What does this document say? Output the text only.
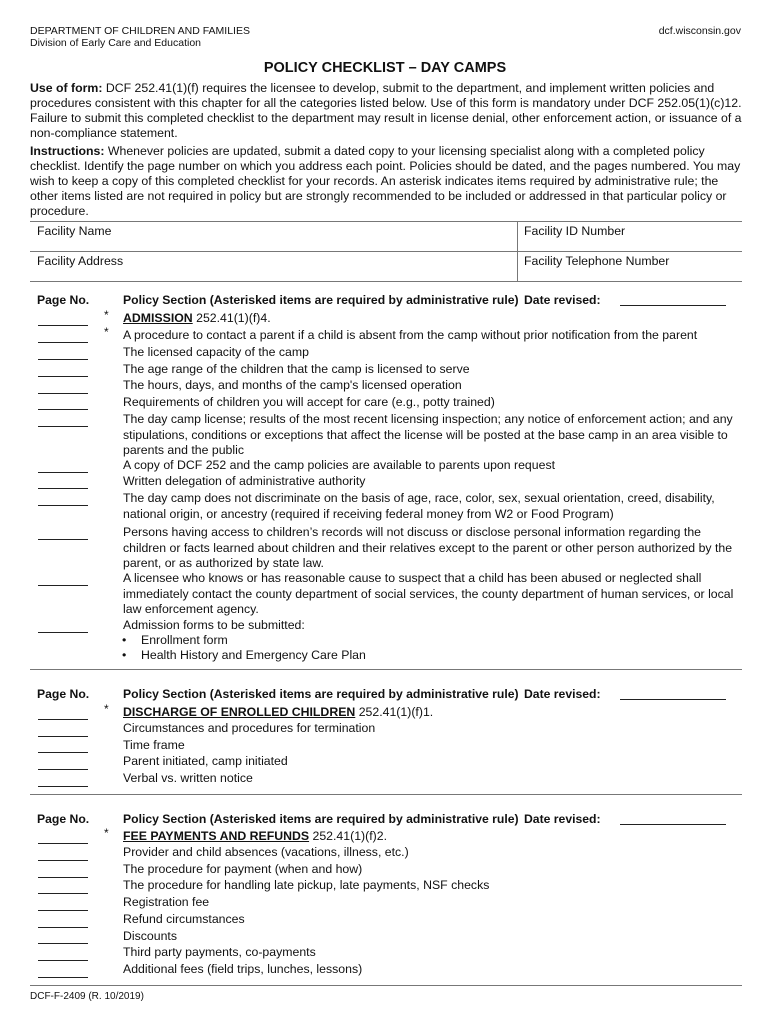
DEPARTMENT OF CHILDREN AND FAMILIES
Division of Early Care and Education
dcf.wisconsin.gov
POLICY CHECKLIST – DAY CAMPS
Use of form: DCF 252.41(1)(f) requires the licensee to develop, submit to the department, and implement written policies and procedures consistent with this chapter for all the categories listed below. Use of this form is mandatory under DCF 252.05(1)(c)12. Failure to submit this completed checklist to the department may result in license denial, other enforcement action, or issuance of a non-compliance statement.
Instructions: Whenever policies are updated, submit a dated copy to your licensing specialist along with a completed policy checklist. Identify the page number on which you address each point. Policies should be dated, and the pages numbered. You may wish to keep a copy of this completed checklist for your records. An asterisk indicates items required by administrative rule; the other items listed are not required in policy but are strongly recommended to be included or addressed in that particular policy or procedure.
Facility Name	Facility ID Number
Facility Address	Facility Telephone Number
Page No.	Policy Section (Asterisked items are required by administrative rule) Date revised:
* ADMISSION 252.41(1)(f)4.
* A procedure to contact a parent if a child is absent from the camp without prior notification from the parent
The licensed capacity of the camp
The age range of the children that the camp is licensed to serve
The hours, days, and months of the camp's licensed operation
Requirements of children you will accept for care (e.g., potty trained)
The day camp license; results of the most recent licensing inspection; any notice of enforcement action; and any stipulations, conditions or exceptions that affect the license will be posted at the base camp in an area visible to parents and the public
A copy of DCF 252 and the camp policies are available to parents upon request
Written delegation of administrative authority
The day camp does not discriminate on the basis of age, race, color, sex, sexual orientation, creed, disability, national origin, or ancestry (required if receiving federal money from W2 or Food Program)
Persons having access to children’s records will not discuss or disclose personal information regarding the children or facts learned about children and their relatives except to the parent or other person authorized by the parent, or as authorized by state law.
A licensee who knows or has reasonable cause to suspect that a child has been abused or neglected shall immediately contact the county department of social services, the county department of human services, or local law enforcement agency.
Admission forms to be submitted:
• Enrollment form
• Health History and Emergency Care Plan
Page No.	Policy Section (Asterisked items are required by administrative rule) Date revised:
* DISCHARGE OF ENROLLED CHILDREN 252.41(1)(f)1.
Circumstances and procedures for termination
Time frame
Parent initiated, camp initiated
Verbal vs. written notice
Page No.	Policy Section (Asterisked items are required by administrative rule) Date revised:
* FEE PAYMENTS AND REFUNDS 252.41(1)(f)2.
Provider and child absences (vacations, illness, etc.)
The procedure for payment (when and how)
The procedure for handling late pickup, late payments, NSF checks
Registration fee
Refund circumstances
Discounts
Third party payments, co-payments
Additional fees (field trips, lunches, lessons)
DCF-F-2409 (R. 10/2019)
